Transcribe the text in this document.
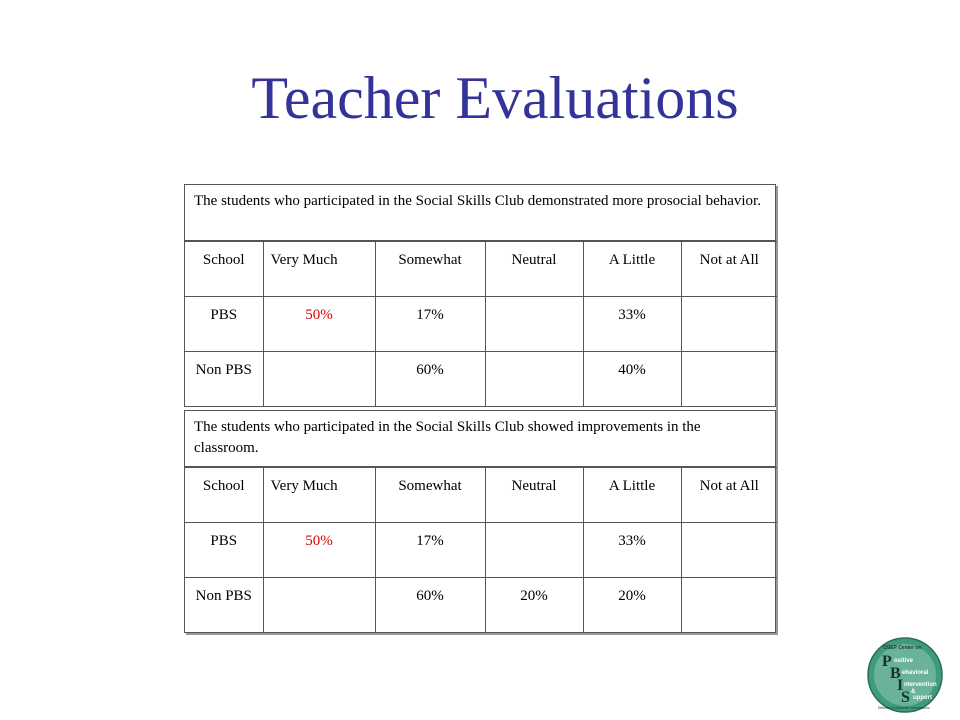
Teacher Evaluations
The students who participated in the Social Skills Club demonstrated more prosocial behavior.
School	Very Much	Somewhat	Neutral	A Little	Not at All
PBS	50%	17%		33%	
Non PBS		60%		40%	
The students who participated in the Social Skills Club showed improvements in the classroom.
School	Very Much	Somewhat	Neutral	A Little	Not at All
PBS	50%	17%		33%	
Non PBS		60%	20%	20%	
OSEP Center on
P
B
I
S
ositive
ehavioral
ntervention
&
upport
Effective Schoolwide Interventions
